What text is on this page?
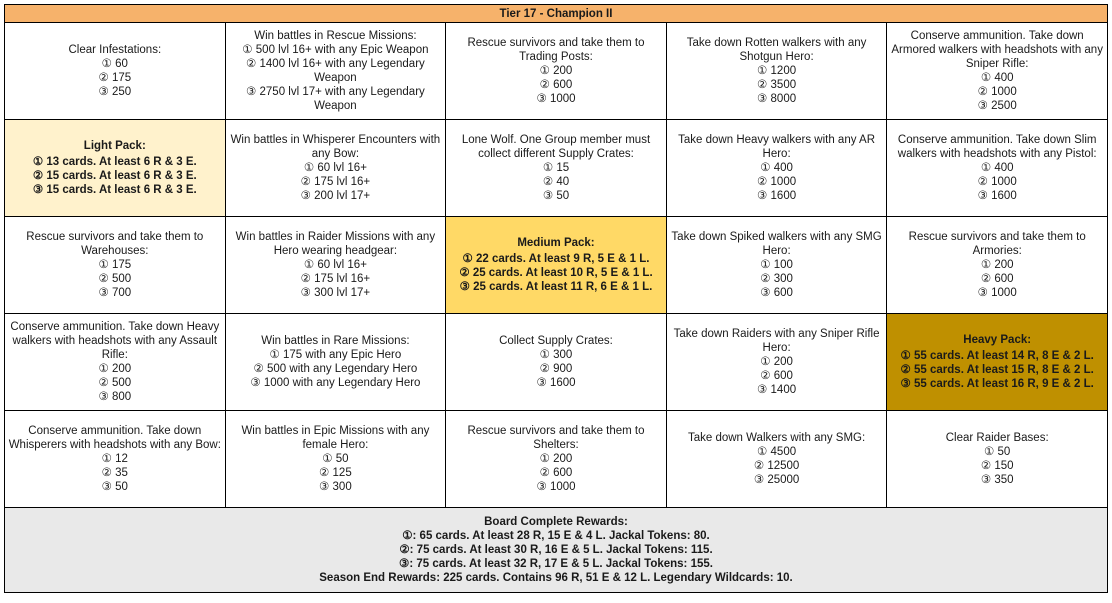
Tier 17 - Champion II				

Clear Infestations:
① 60
② 175
③ 250	Win battles in Rescue Missions:
① 500 lvl 16+ with any Epic Weapon
② 1400 lvl 16+ with any Legendary Weapon
③ 2750 lvl 17+ with any Legendary Weapon	Rescue survivors and take them to Trading Posts:
① 200
② 600
③ 1000	Take down Rotten walkers with any Shotgun Hero:
① 1200
② 3500
③ 8000	Conserve ammunition. Take down Armored walkers with headshots with any Sniper Rifle:
① 400
② 1000
③ 2500

Light Pack:
① 13 cards. At least 6 R & 3 E.
② 15 cards. At least 6 R & 3 E.
③ 15 cards. At least 6 R & 3 E.	Win battles in Whisperer Encounters with any Bow:
① 60 lvl 16+
② 175 lvl 16+
③ 200 lvl 17+	Lone Wolf. One Group member must collect different Supply Crates:
① 15
② 40
③ 50	Take down Heavy walkers with any AR Hero:
① 400
② 1000
③ 1600	Conserve ammunition. Take down Slim walkers with headshots with any Pistol:
① 400
② 1000
③ 1600

Rescue survivors and take them to Warehouses:
① 175
② 500
③ 700	Win battles in Raider Missions with any Hero wearing headgear:
① 60 lvl 16+
② 175 lvl 16+
③ 300 lvl 17+	Medium Pack:
① 22 cards. At least 9 R, 5 E & 1 L.
② 25 cards. At least 10 R, 5 E & 1 L.
③ 25 cards. At least 11 R, 6 E & 1 L.	Take down Spiked walkers with any SMG Hero:
① 100
② 300
③ 600	Rescue survivors and take them to Armories:
① 200
② 600
③ 1000

Conserve ammunition. Take down Heavy walkers with headshots with any Assault Rifle:
① 200
② 500
③ 800	Win battles in Rare Missions:
① 175 with any Epic Hero
② 500 with any Legendary Hero
③ 1000 with any Legendary Hero	Collect Supply Crates:
① 300
② 900
③ 1600	Take down Raiders with any Sniper Rifle Hero:
① 200
② 600
③ 1400	Heavy Pack:
① 55 cards. At least 14 R, 8 E & 2 L.
② 55 cards. At least 15 R, 8 E & 2 L.
③ 55 cards. At least 16 R, 9 E & 2 L.

Conserve ammunition. Take down Whisperers with headshots with any Bow:
① 12
② 35
③ 50	Win battles in Epic Missions with any female Hero:
① 50
② 125
③ 300	Rescue survivors and take them to Shelters:
① 200
② 600
③ 1000	Take down Walkers with any SMG:
① 4500
② 12500
③ 25000	Clear Raider Bases:
① 50
② 150
③ 350

Board Complete Rewards:
①: 65 cards. At least 28 R, 15 E & 4 L. Jackal Tokens: 80.
②: 75 cards. At least 30 R, 16 E & 5 L. Jackal Tokens: 115.
③: 75 cards. At least 32 R, 17 E & 5 L. Jackal Tokens: 155.
Season End Rewards: 225 cards. Contains 96 R, 51 E & 12 L. Legendary Wildcards: 10.				
